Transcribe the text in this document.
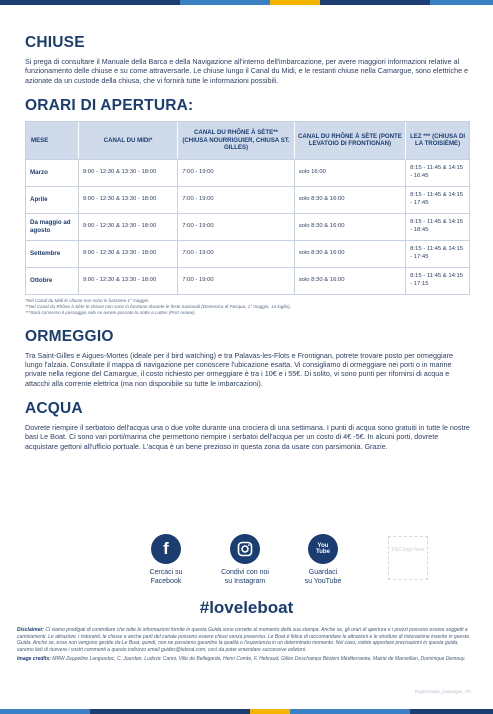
CHIUSE

Si prega di consultare il Manuale della Barca e della Navigazione all'interno dell'imbarcazione, per avere maggiori informazioni relative al funzionamento delle chiuse e su come attraversarle. Le chiuse lungo il Canal du Midi, e le restanti chiuse nella Camargue, sono elettriche e azionate da un custode della chiusa, che vi fornirà tutte le informazioni possibili.

ORARI DI APERTURA:
MESE	CANAL DU MIDI*	CANAL DU RHÔNE À SÈTE** (CHIUSA NOURRIGUIER, CHIUSA ST. GILLES)	CANAL DU RHÔNE À SÈTE (PONTE LEVATOIO DI FRONTIGNAN)	LEZ *** (CHIUSA DI LA TROISIÈME)
Marzo	9:00 - 12:30 & 13:30 - 18:00	7:00 - 19:00	solo 16:00	8:15 - 11:45 & 14:15 - 16:45
Aprile	9:00 - 12:30 & 13:30 - 18:00	7:00 - 19:00	solo 8:30 & 16:00	8:15 - 11:45 & 14:15 - 17:45
Da maggio ad agosto	9:00 - 12:30 & 13:30 - 18:00	7:00 - 19:00	solo 8:30 & 16:00	8:15 - 11:45 & 14:15 - 18:45
Settembre	9:00 - 12:30 & 13:30 - 18:00	7:00 - 19:00	solo 8:30 & 16:00	8:15 - 11:45 & 14:15 - 17:45
Ottobre	9:00 - 12:30 & 13:30 - 18:00	7:00 - 19:00	solo 8:30 & 16:00	8:15 - 11:45 & 14:15 - 17:15
*Nel Canal du Midi le chiuse non sono in funzione 1° maggio.
**Nel Canal du Rhône à Sète le chiuse non sono in funzione durante le feste nazionali (Domenica di Pasqua, 1° maggio, 14 luglio).
***Sarà concesso il passaggio solo se avrete passato la notte a Lattes (Port Ariane).
ORMEGGIO

Tra Saint-Gilles e Aigues-Mortes (ideale per il bird watching) e tra Palavas-les-Flots e Frontignan, potrete trovare posto per ormeggiare lungo l'alzaia. Consultate il mappa di navigazione per conoscere l'ubicazione esatta. Vi consigliamo di ormeggiare nei porti o in marine private nella regione del Camargue, il costo richiesto per ormeggiare è tra i 10€ e i 55€. Di solito, vi sono punti per rifornirsi di acqua e attacchi alla corrente elettrica (ma non disponibile su tutte le imbarcazioni).

ACQUA

Dovrete riempire il serbatoio dell'acqua una o due volte durante una crociera di una settimana. I punti di acqua sono gratuiti in tutte le nostre basi Le Boat. Ci sono vari porti/marina che permettono riempire i serbatoi dell'acqua per un costo di 4€ -5€. In alcuni porti, dovrete acquistare gettoni all'ufficio portuale. L'acqua è un bene prezioso in questa zona da usare con parsimonia. Grazie.

f
Cercaci su
Facebook
Condivi con noi
su Instagram
You Tube
Guardaci
su YouTube
FSC logo here
#loveleboat
Disclaimer: Ci siamo prodigati di controllare che tutte le informazioni fornite in questa Guida sono corrette al momento della sua stampa. Anche se, gli orari di apertura e i prezzi possono essere soggetti a cambiamenti. Le attrazioni, i ristoranti, le chiuse e anche parti del canale possono essere chiusi senza preavviso. Le Boat è felice di raccomandare le attrazioni e le strutture di ristorazione inserite in questa Guida. Anche se, esse non vengono gestite da Le Boat, quindi, non ne possiamo garantire la qualità o l'esperienza in un determinato momento. Nel caso, volete apportare precisazioni in questa guida, saremo lieti di ricevere i vostri commenti a questo indirizzo email guides@leboat.com, così da poter emendare successive edizioni.
Image credits: MRW Zeppeline Languedoc, C. Jourdan, Ludovic Carini, Ville de Bellegarde, Henri Comte, F. Hebraud, Gilles Deschamps Béziers Méditerranée, Mairie de Marseillan, Dominique Demouy.
RegionGuide_Camargue_ITA
